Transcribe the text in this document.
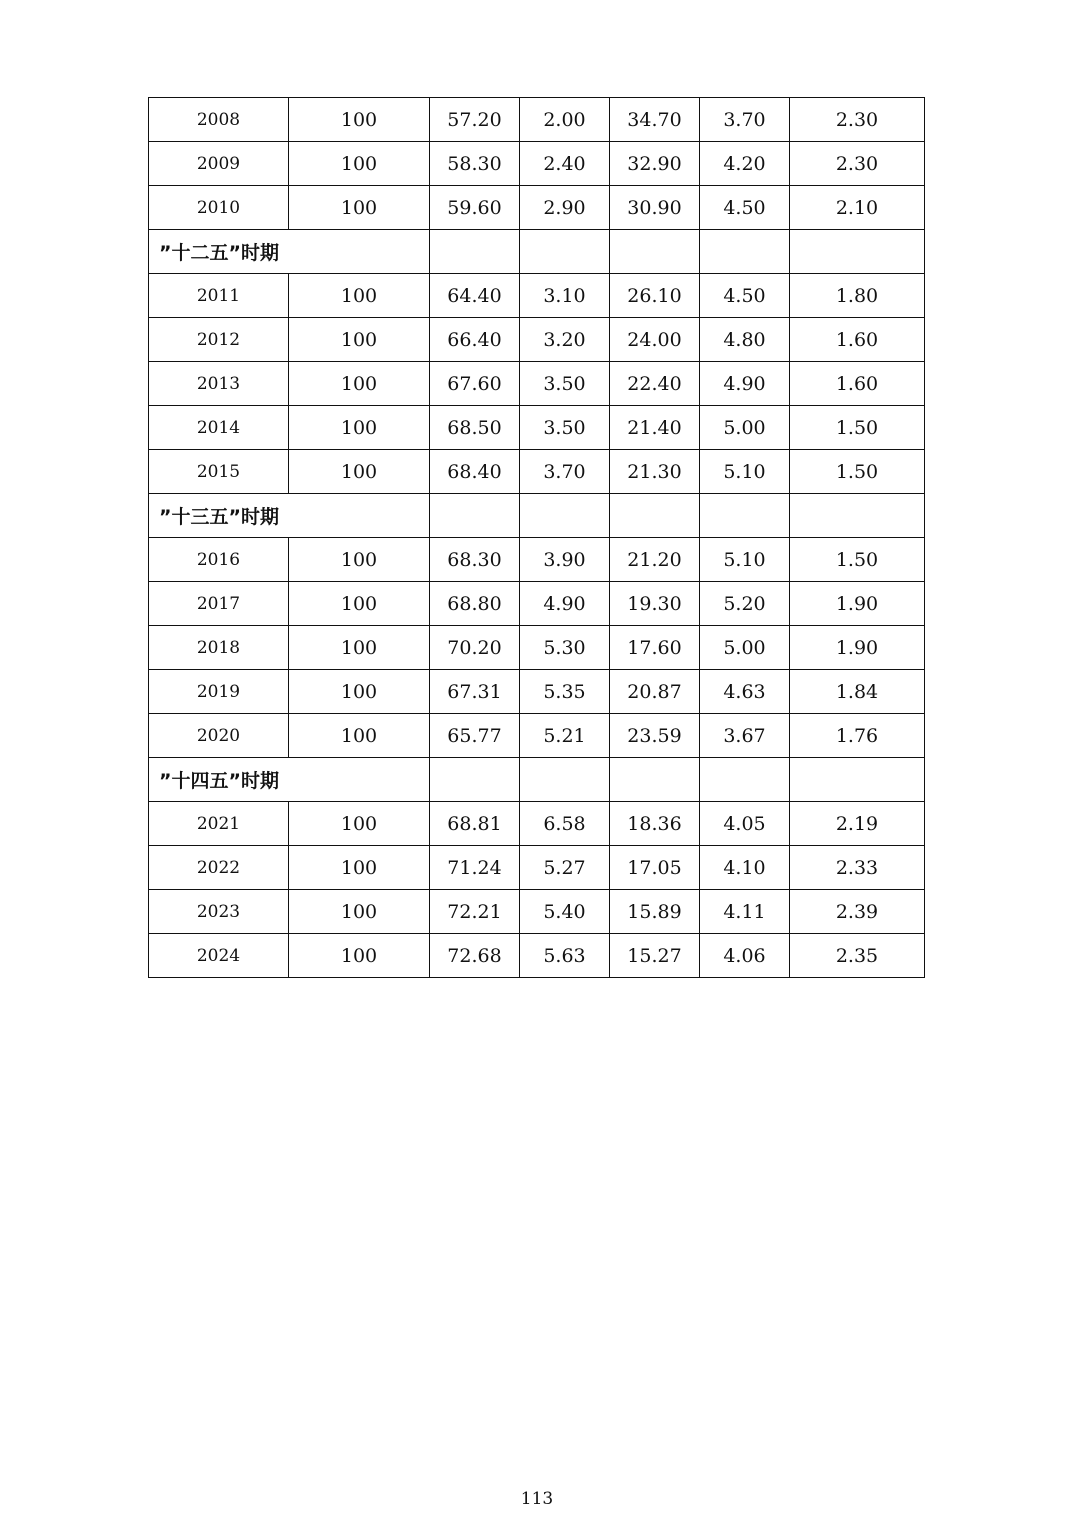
2008	100	57.20	2.00	34.70	3.70	2.30
2009	100	58.30	2.40	32.90	4.20	2.30
2010	100	59.60	2.90	30.90	4.50	2.10
”十二五”时期						
2011	100	64.40	3.10	26.10	4.50	1.80
2012	100	66.40	3.20	24.00	4.80	1.60
2013	100	67.60	3.50	22.40	4.90	1.60
2014	100	68.50	3.50	21.40	5.00	1.50
2015	100	68.40	3.70	21.30	5.10	1.50
”十三五”时期						
2016	100	68.30	3.90	21.20	5.10	1.50
2017	100	68.80	4.90	19.30	5.20	1.90
2018	100	70.20	5.30	17.60	5.00	1.90
2019	100	67.31	5.35	20.87	4.63	1.84
2020	100	65.77	5.21	23.59	3.67	1.76
”十四五”时期						
2021	100	68.81	6.58	18.36	4.05	2.19
2022	100	71.24	5.27	17.05	4.10	2.33
2023	100	72.21	5.40	15.89	4.11	2.39
2024	100	72.68	5.63	15.27	4.06	2.35
113
